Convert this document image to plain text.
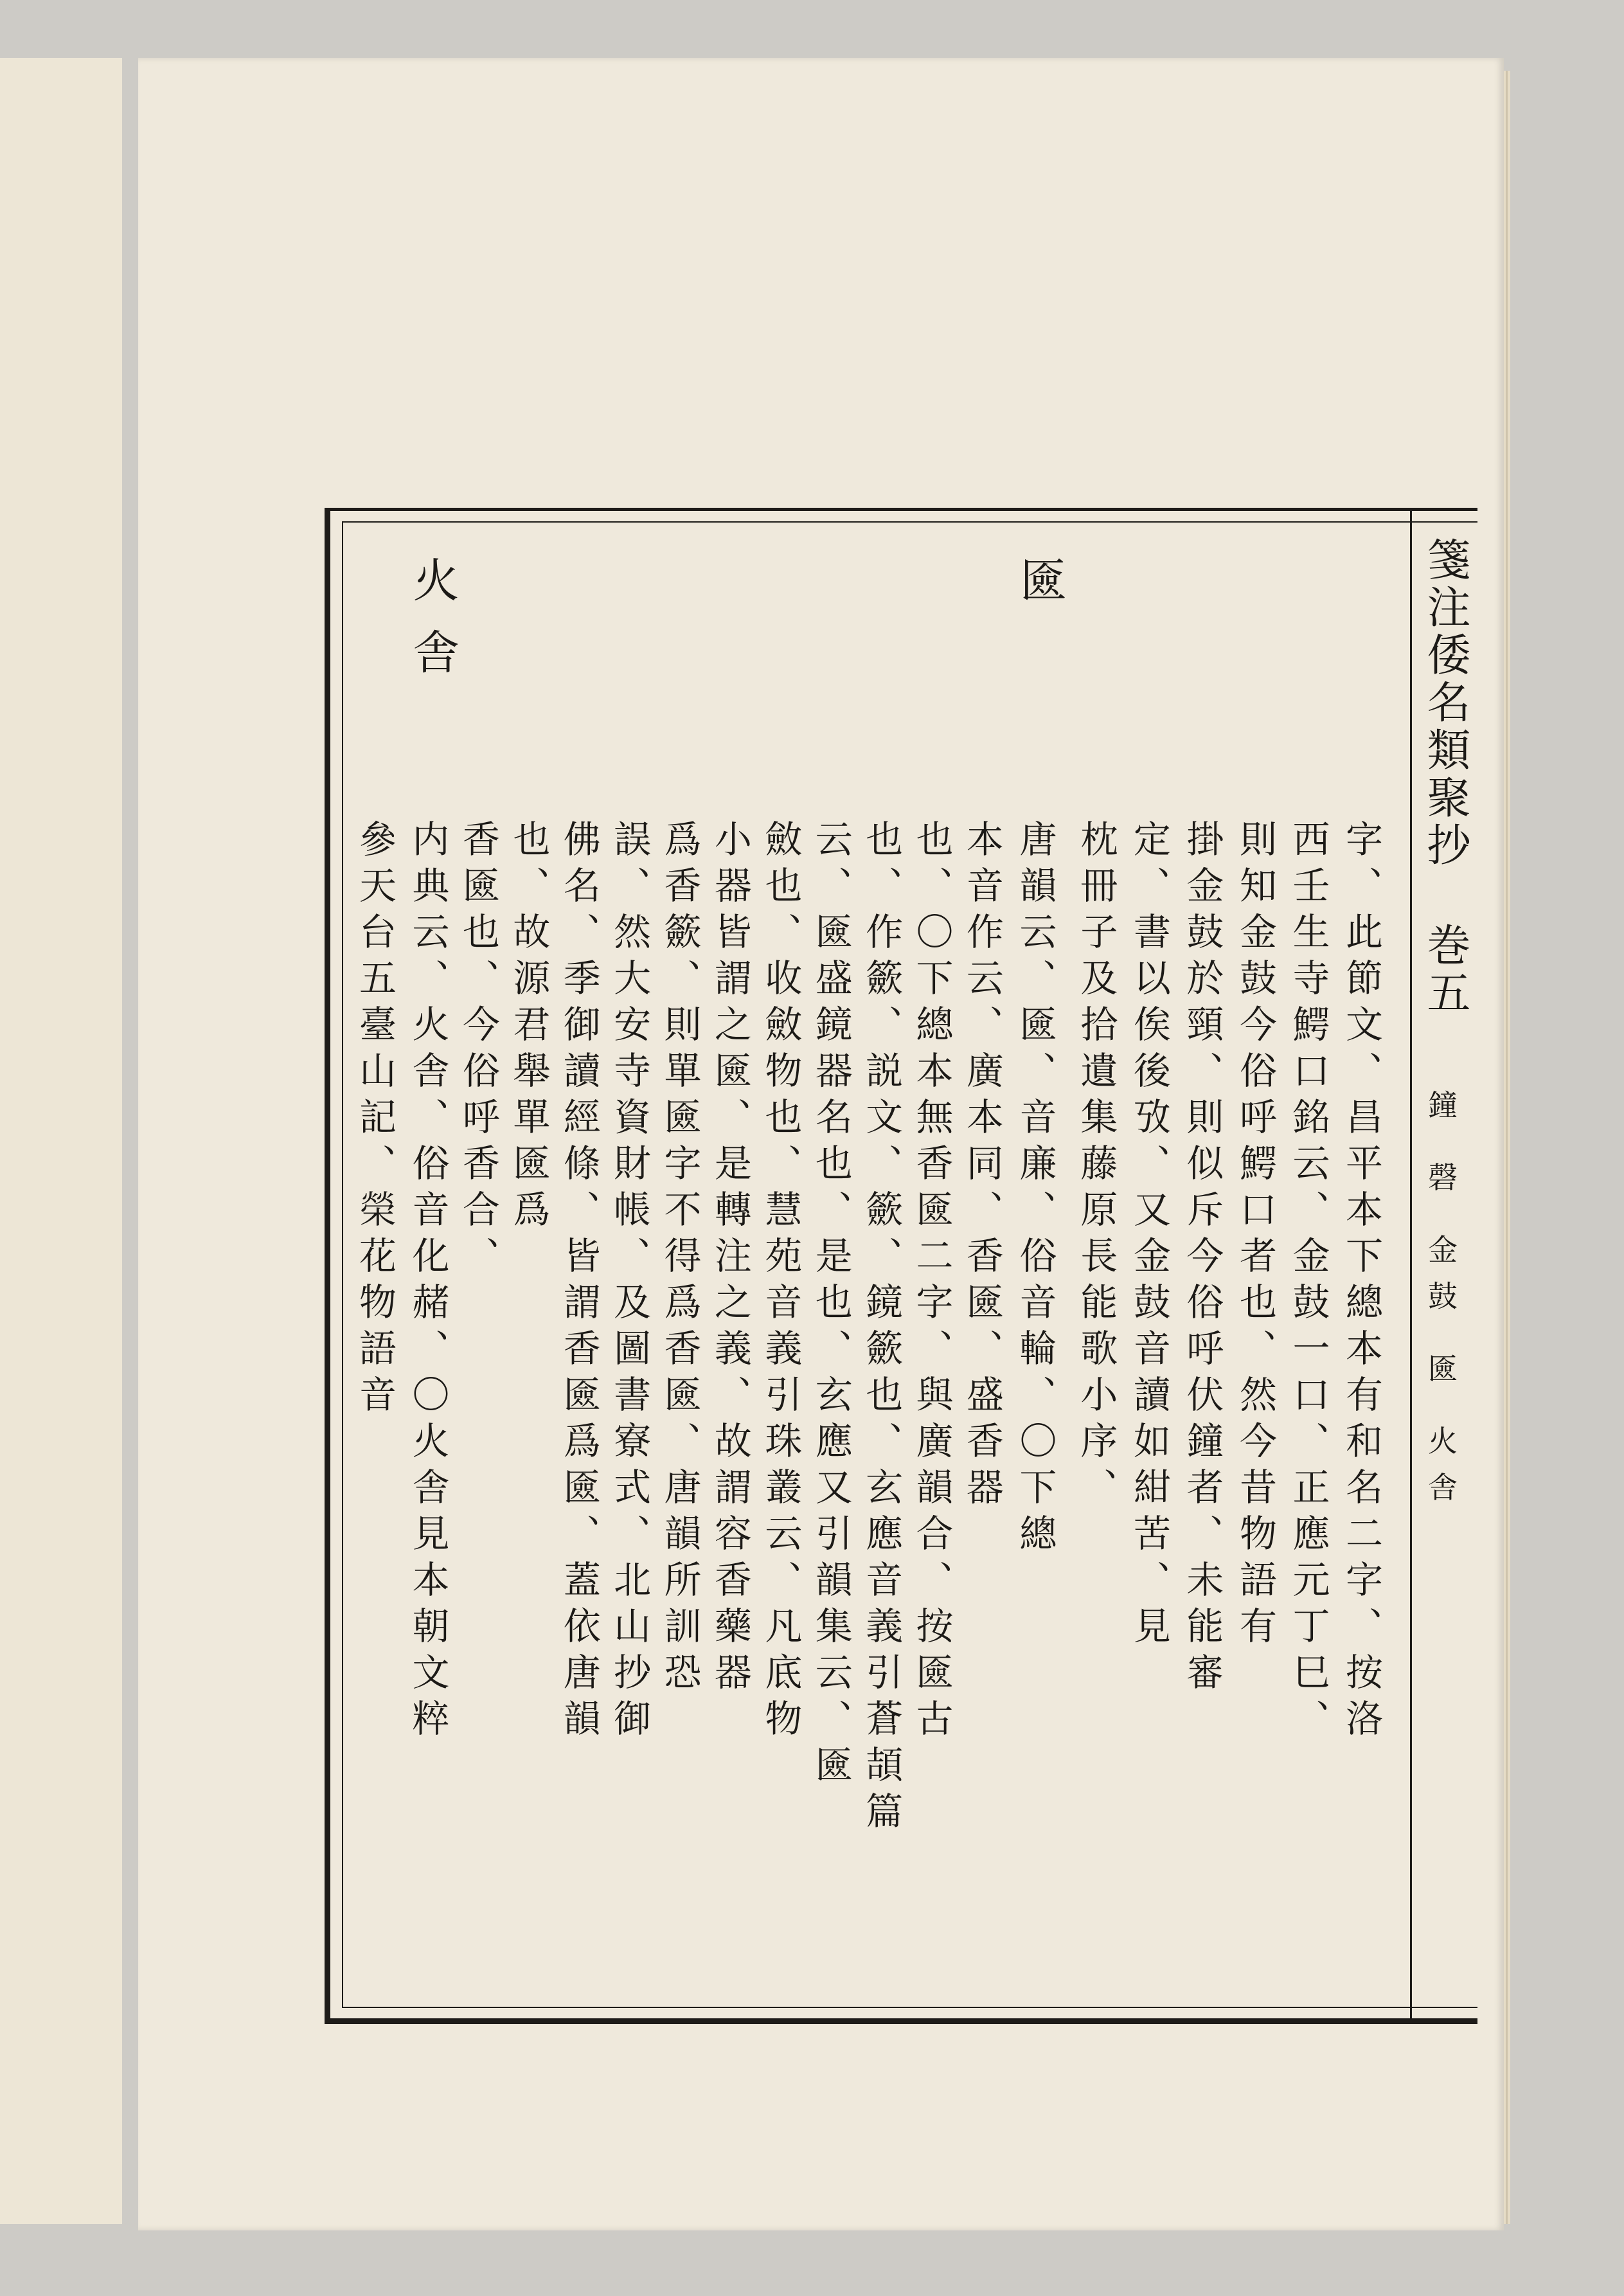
箋注倭名類聚抄
巻五
鐘 磬 金鼓 匳 火舎
字、此節文、昌平本下總本有和名二字、按洛
西壬生寺鰐口銘云、金鼓一口、正應元丁巳、
則知金鼓今俗呼鰐口者也、然今昔物語有
掛金鼓於頸、則似斥今俗呼伏鐘者、未能審
定、書以俟後攷、又金鼓音讀如紺苦、見
枕冊子及拾遺集藤原長能歌小序、
匳
唐韻云、匳、音廉、俗音輪、〇下總
本音作云、廣本同、香匳、盛香器
也、〇下總本無香匳二字、與廣韻合、按匳古
也、作籨、説文、籨、鏡籨也、玄應音義引蒼頡篇
云、匳盛鏡器名也、是也、玄應又引韻集云、匳
斂也、收斂物也、慧苑音義引珠叢云、凡底物
小器皆謂之匳、是轉注之義、故謂容香藥器
爲香籨、則單匳字不得爲香匳、唐韻所訓恐
誤、然大安寺資財帳、及圖書寮式、北山抄御
佛名、季御讀經條、皆謂香匳爲匳、蓋依唐韻
也、故源君舉單匳爲
香匳也、今俗呼香合、
火舎
内典云、火舎、俗音化赭、〇火舎見本朝文粹
參天台五臺山記、榮花物語音
